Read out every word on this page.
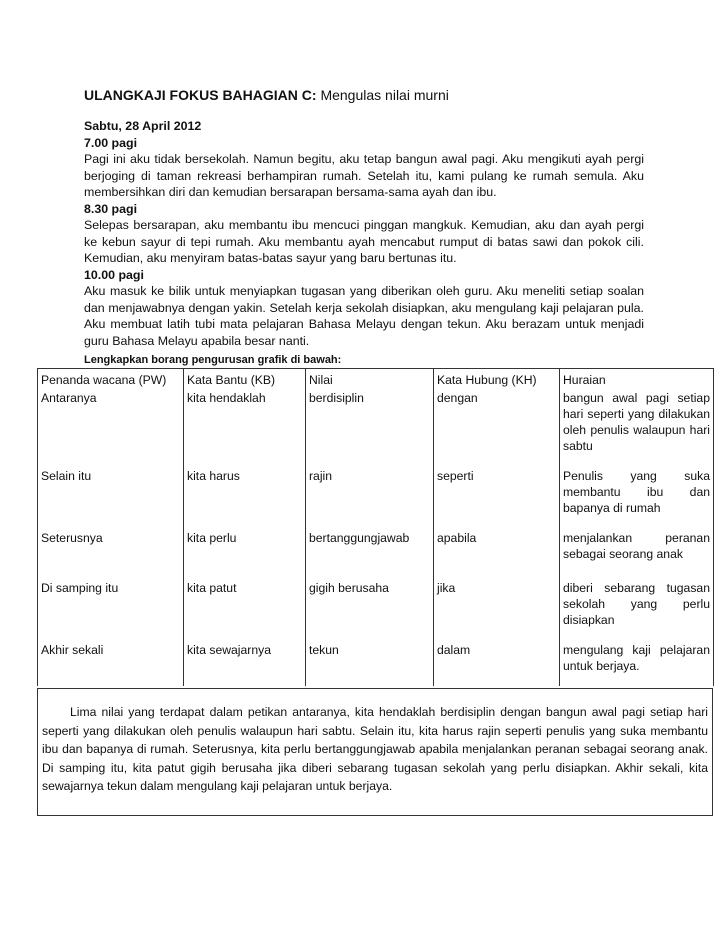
ULANGKAJI FOKUS BAHAGIAN C: Mengulas nilai murni
Sabtu, 28 April 2012
7.00 pagi

Pagi ini aku tidak bersekolah. Namun begitu, aku tetap bangun awal pagi. Aku mengikuti ayah pergi berjoging di taman rekreasi berhampiran rumah. Setelah itu, kami pulang ke rumah semula. Aku membersihkan diri dan kemudian bersarapan bersama-sama ayah dan ibu.

8.30 pagi

Selepas bersarapan, aku membantu ibu mencuci pinggan mangkuk. Kemudian, aku dan ayah pergi ke kebun sayur di tepi rumah. Aku membantu ayah mencabut rumput di batas sawi dan pokok cili. Kemudian, aku menyiram batas-batas sayur yang baru bertunas itu.

10.00 pagi

Aku masuk ke bilik untuk menyiapkan tugasan yang diberikan oleh guru. Aku meneliti setiap soalan dan menjawabnya dengan yakin. Setelah kerja sekolah disiapkan, aku mengulang kaji pelajaran pula. Aku membuat latih tubi mata pelajaran Bahasa Melayu dengan tekun. Aku berazam untuk menjadi guru Bahasa Melayu apabila besar nanti.

Lengkapkan borang pengurusan grafik di bawah:
Penanda wacana (PW)	Kata Bantu (KB)	Nilai	Kata Hubung (KH)	Huraian
Antaranya	kita hendaklah	berdisiplin	dengan	bangun awal pagi setiap hari seperti yang dilakukan oleh penulis walaupun hari sabtu
Selain itu	kita harus	rajin	seperti	Penulis yang suka membantu ibu dan bapanya di rumah
Seterusnya	kita perlu	bertanggungjawab	apabila	menjalankan peranan sebagai seorang anak
Di samping itu	kita patut	gigih berusaha	jika	diberi sebarang tugasan sekolah yang perlu disiapkan
Akhir sekali	kita sewajarnya	tekun	dalam	mengulang kaji pelajaran untuk berjaya.

Lima nilai yang terdapat dalam petikan antaranya, kita hendaklah berdisiplin dengan bangun awal pagi setiap hari seperti yang dilakukan oleh penulis walaupun hari sabtu. Selain itu, kita harus rajin seperti penulis yang suka membantu ibu dan bapanya di rumah. Seterusnya, kita perlu bertanggungjawab apabila menjalankan peranan sebagai seorang anak. Di samping itu, kita patut gigih berusaha jika diberi sebarang tugasan sekolah yang perlu disiapkan. Akhir sekali, kita sewajarnya tekun dalam mengulang kaji pelajaran untuk berjaya.
